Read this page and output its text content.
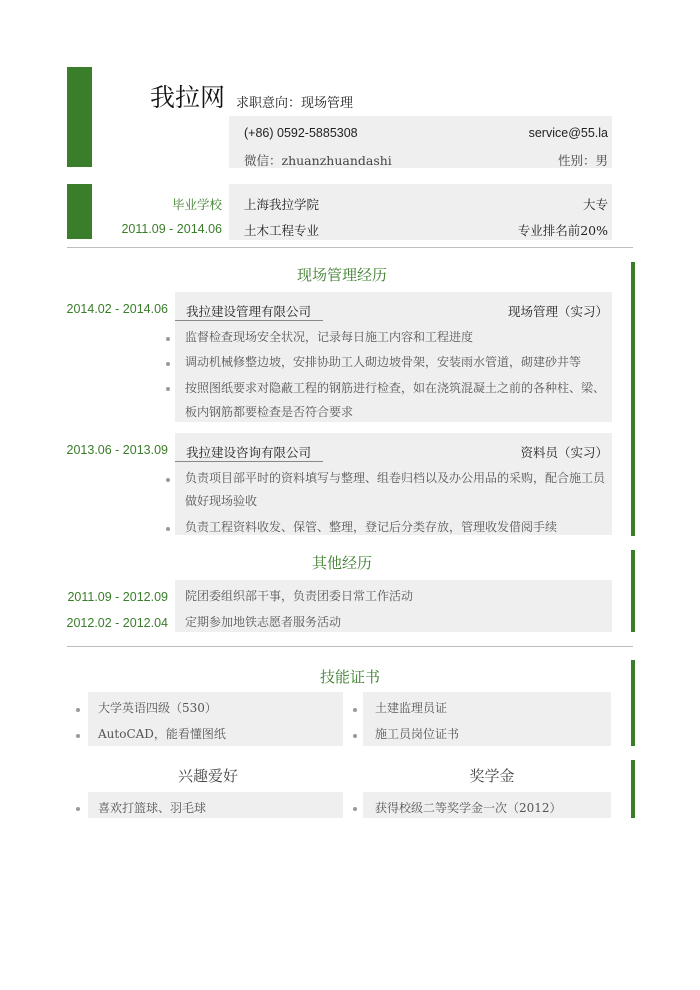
我拉网 求职意向：现场管理
(+86) 0592-5885308	service@55.la
微信：zhuanzhuandashi	性别：男
毕业学校
2011.09 - 2014.06
上海我拉学院	大专
土木工程专业	专业排名前20%
现场管理经历
2014.02 - 2014.06 我拉建设管理有限公司	现场管理（实习）
监督检查现场安全状况，记录每日施工内容和工程进度
调动机械修整边坡，安排协助工人砌边坡骨架，安装雨水管道，砌建砂井等
按照图纸要求对隐蔽工程的钢筋进行检查，如在浇筑混凝土之前的各种柱、梁、
板内钢筋都要检查是否符合要求
2013.06 - 2013.09 我拉建设咨询有限公司	资料员（实习）
负责项目部平时的资料填写与整理、组卷归档以及办公用品的采购，配合施工员
做好现场验收
负责工程资料收发、保管、整理，登记后分类存放，管理收发借阅手续
其他经历
2011.09 - 2012.09 院团委组织部干事，负责团委日常工作活动
2012.02 - 2012.04 定期参加地铁志愿者服务活动
技能证书
大学英语四级（530）
AutoCAD，能看懂图纸
土建监理员证
施工员岗位证书
兴趣爱好	奖学金
喜欢打篮球、羽毛球	获得校级二等奖学金一次（2012）
